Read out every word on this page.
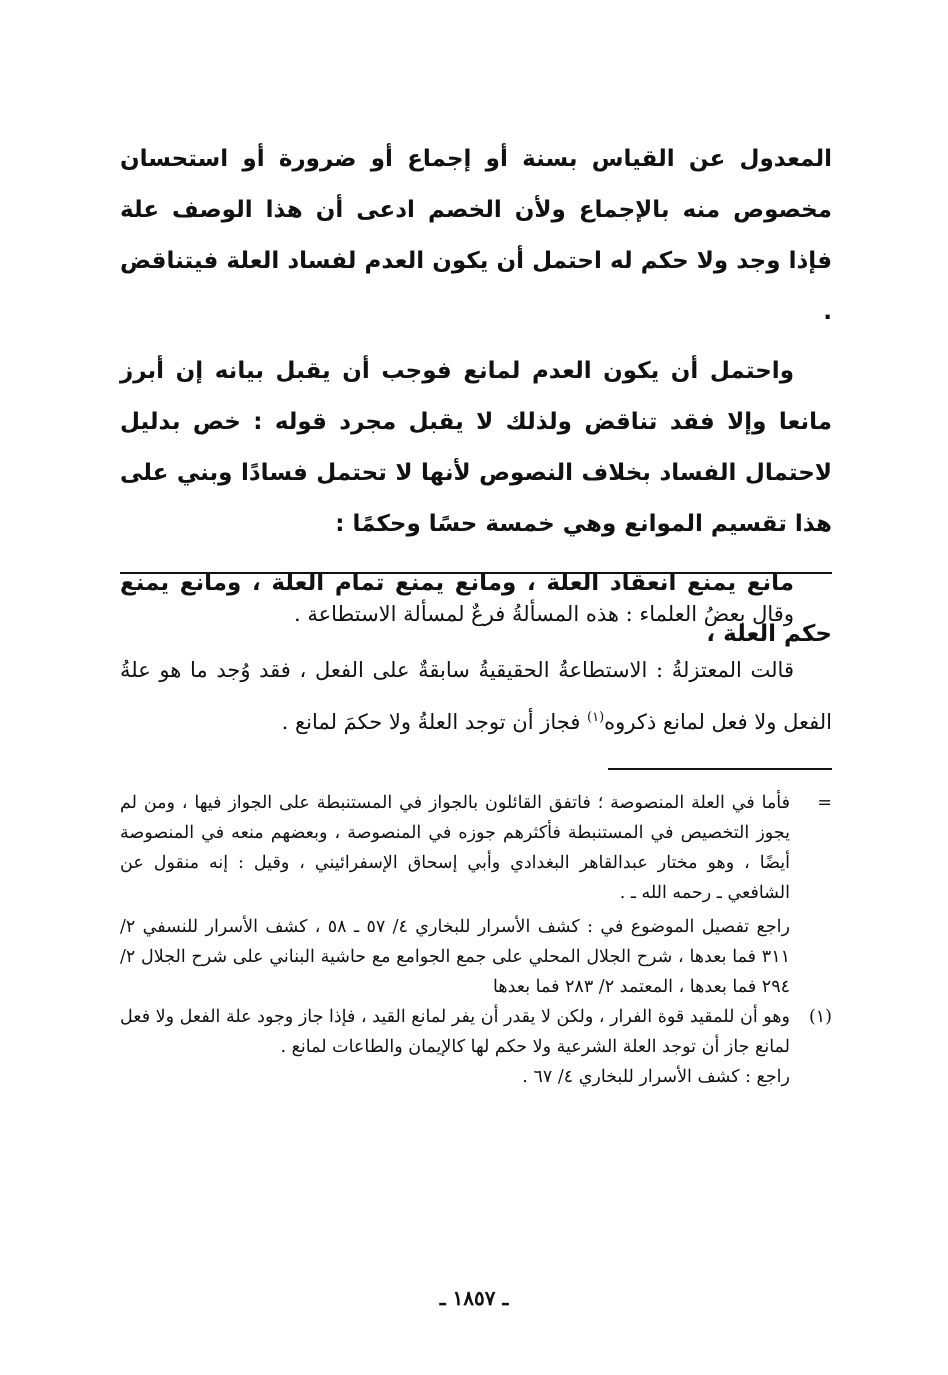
المعدول عن القياس بسنة أو إجماع أو ضرورة أو استحسان مخصوص منه بالإجماع ولأن الخصم ادعى أن هذا الوصف علة فإذا وجد ولا حكم له احتمل أن يكون العدم لفساد العلة فيتناقض .

واحتمل أن يكون العدم لمانع فوجب أن يقبل بيانه إن أبرز مانعا وإلا فقد تناقض ولذلك لا يقبل مجرد قوله : خص بدليل لاحتمال الفساد بخلاف النصوص لأنها لا تحتمل فسادًا وبني على هذا تقسيم الموانع وهي خمسة حسًا وحكمًا :

مانع يمنع انعقاد العلة ، ومانع يمنع تمام العلة ، ومانع يمنع حكم العلة ،

وقال بعضُ العلماء : هذه المسألةُ فرعٌ لمسألة الاستطاعة .

قالت المعتزلةُ : الاستطاعةُ الحقيقيةُ سابقةٌ على الفعل ، فقد وُجد ما هو علةُ الفعل ولا فعل لمانع ذكروه$^{(١)}$ فجاز أن توجد العلةُ ولا حكمَ لمانع .

=

فأما في العلة المنصوصة ؛ فاتفق القائلون بالجواز في المستنبطة على الجواز فيها ، ومن لم يجوز التخصيص في المستنبطة فأكثرهم جوزه في المنصوصة ، وبعضهم منعه في المنصوصة أيضًا ، وهو مختار عبدالقاهر البغدادي وأبي إسحاق الإسفرائيني ، وقيل : إنه منقول عن الشافعي ـ رحمه الله ـ .

راجع تفصيل الموضوع في : كشف الأسرار للبخاري ٤/ ٥٧ ـ ٥٨ ، كشف الأسرار للنسفي ٢/ ٣١١ فما بعدها ، شرح الجلال المحلي على جمع الجوامع مع حاشية البناني على شرح الجلال ٢/ ٢٩٤ فما بعدها ، المعتمد ٢/ ٢٨٣ فما بعدها

(١)

وهو أن للمقيد قوة الفرار ، ولكن لا يقدر أن يفر لمانع القيد ، فإذا جاز وجود علة الفعل ولا فعل لمانع جاز أن توجد العلة الشرعية ولا حكم لها كالإيمان والطاعات لمانع .

راجع : كشف الأسرار للبخاري ٤/ ٦٧ .

ـ ١٨٥٧ ـ
